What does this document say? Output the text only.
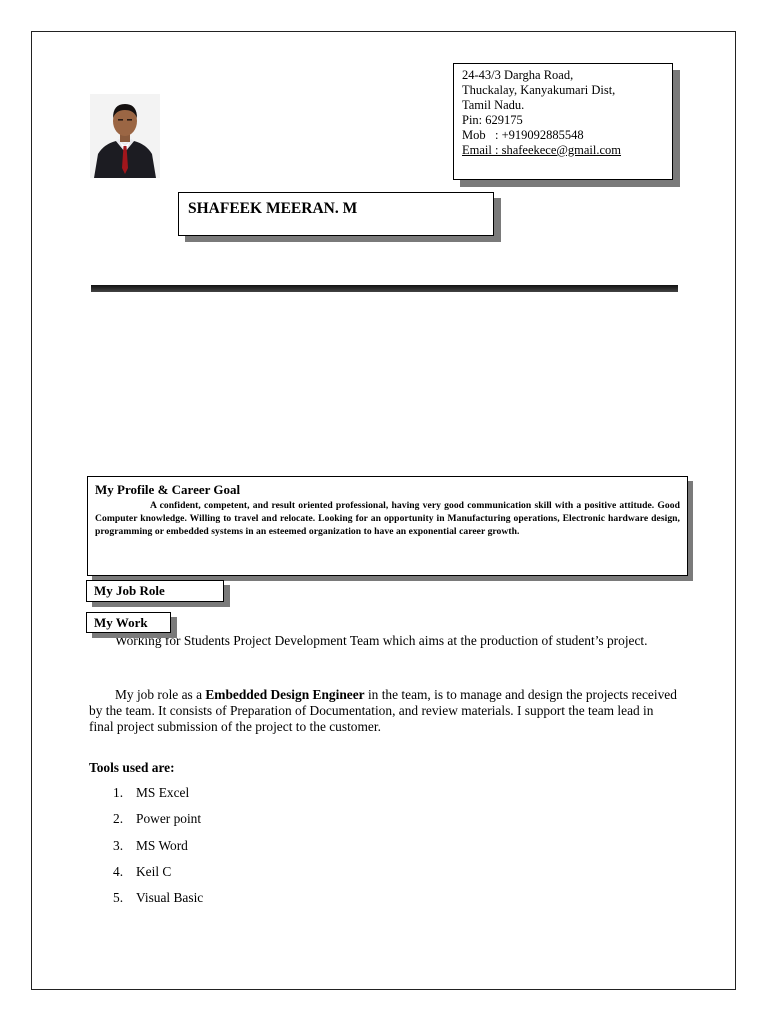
24-43/3 Dargha Road,
Thuckalay, Kanyakumari Dist,
Tamil Nadu.
Pin: 629175
Mob   : +919092885548
Email : shafeekece@gmail.com
SHAFEEK MEERAN. M
My Profile & Career Goal

A confident, competent, and result oriented professional, having very good communication skill with a positive attitude. Good Computer knowledge. Willing to travel and relocate. Looking for an opportunity in Manufacturing operations, Electronic hardware design, programming or embedded systems in an esteemed organization to have an exponential career growth.

My Job Role
My Work

Working for Students Project Development Team which aims at the production of student’s project.

My job role as a Embedded Design Engineer in the team, is to manage and design the projects received by the team. It consists of Preparation of Documentation, and review materials. I support the team lead in final project submission of the project to the customer.

Tools used are:

1. MS Excel
2. Power point
3. MS Word
4. Keil C
5. Visual Basic
